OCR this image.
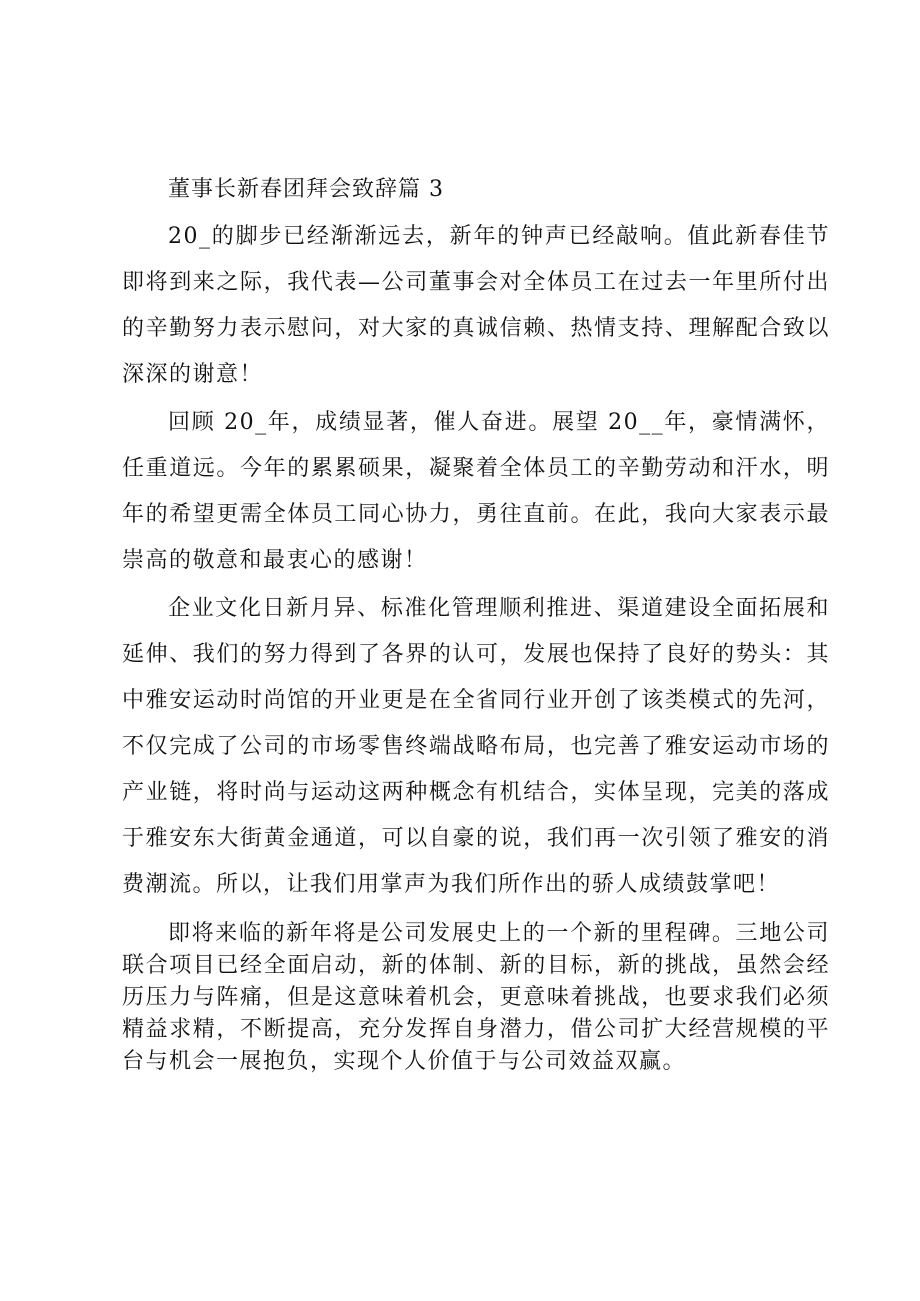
董事长新春团拜会致辞篇 3

20_的脚步已经渐渐远去，新年的钟声已经敲响。值此新春佳节即将到来之际，我代表—公司董事会对全体员工在过去一年里所付出的辛勤努力表示慰问，对大家的真诚信赖、热情支持、理解配合致以深深的谢意！

回顾 20_年，成绩显著，催人奋进。展望 20__年，豪情满怀，任重道远。今年的累累硕果，凝聚着全体员工的辛勤劳动和汗水，明年的希望更需全体员工同心协力，勇往直前。在此，我向大家表示最崇高的敬意和最衷心的感谢！

企业文化日新月异、标准化管理顺利推进、渠道建设全面拓展和延伸、我们的努力得到了各界的认可，发展也保持了良好的势头：其中雅安运动时尚馆的开业更是在全省同行业开创了该类模式的先河，不仅完成了公司的市场零售终端战略布局，也完善了雅安运动市场的产业链，将时尚与运动这两种概念有机结合，实体呈现，完美的落成于雅安东大街黄金通道，可以自豪的说，我们再一次引领了雅安的消费潮流。所以，让我们用掌声为我们所作出的骄人成绩鼓掌吧！

即将来临的新年将是公司发展史上的一个新的里程碑。三地公司联合项目已经全面启动，新的体制、新的目标，新的挑战，虽然会经历压力与阵痛，但是这意味着机会，更意味着挑战，也要求我们必须精益求精，不断提高，充分发挥自身潜力，借公司扩大经营规模的平台与机会一展抱负，实现个人价值于与公司效益双赢。
